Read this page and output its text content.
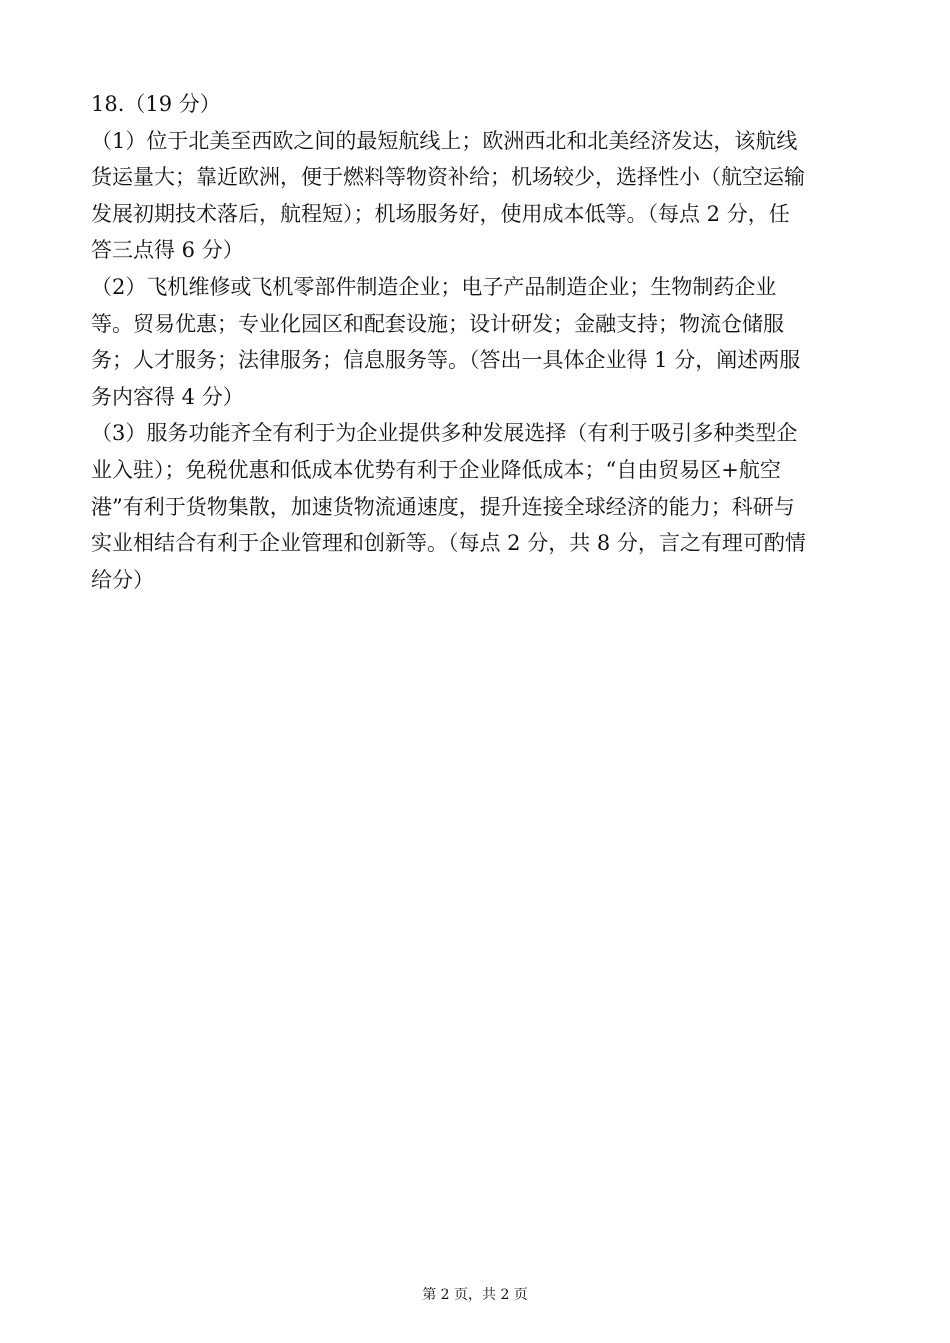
18.（19 分）
（1）位于北美至西欧之间的最短航线上；欧洲西北和北美经济发达，该航线
货运量大；靠近欧洲，便于燃料等物资补给；机场较少，选择性小（航空运输
发展初期技术落后，航程短）；机场服务好，使用成本低等。（每点 2 分，任
答三点得 6 分）
（2）飞机维修或飞机零部件制造企业；电子产品制造企业；生物制药企业
等。贸易优惠；专业化园区和配套设施；设计研发；金融支持；物流仓储服
务；人才服务；法律服务；信息服务等。（答出一具体企业得 1 分，阐述两服
务内容得 4 分）
（3）服务功能齐全有利于为企业提供多种发展选择（有利于吸引多种类型企
业入驻）；免税优惠和低成本优势有利于企业降低成本；“自由贸易区+航空
港”有利于货物集散，加速货物流通速度，提升连接全球经济的能力；科研与
实业相结合有利于企业管理和创新等。（每点 2 分，共 8 分，言之有理可酌情
给分）
第 2 页，共 2 页
